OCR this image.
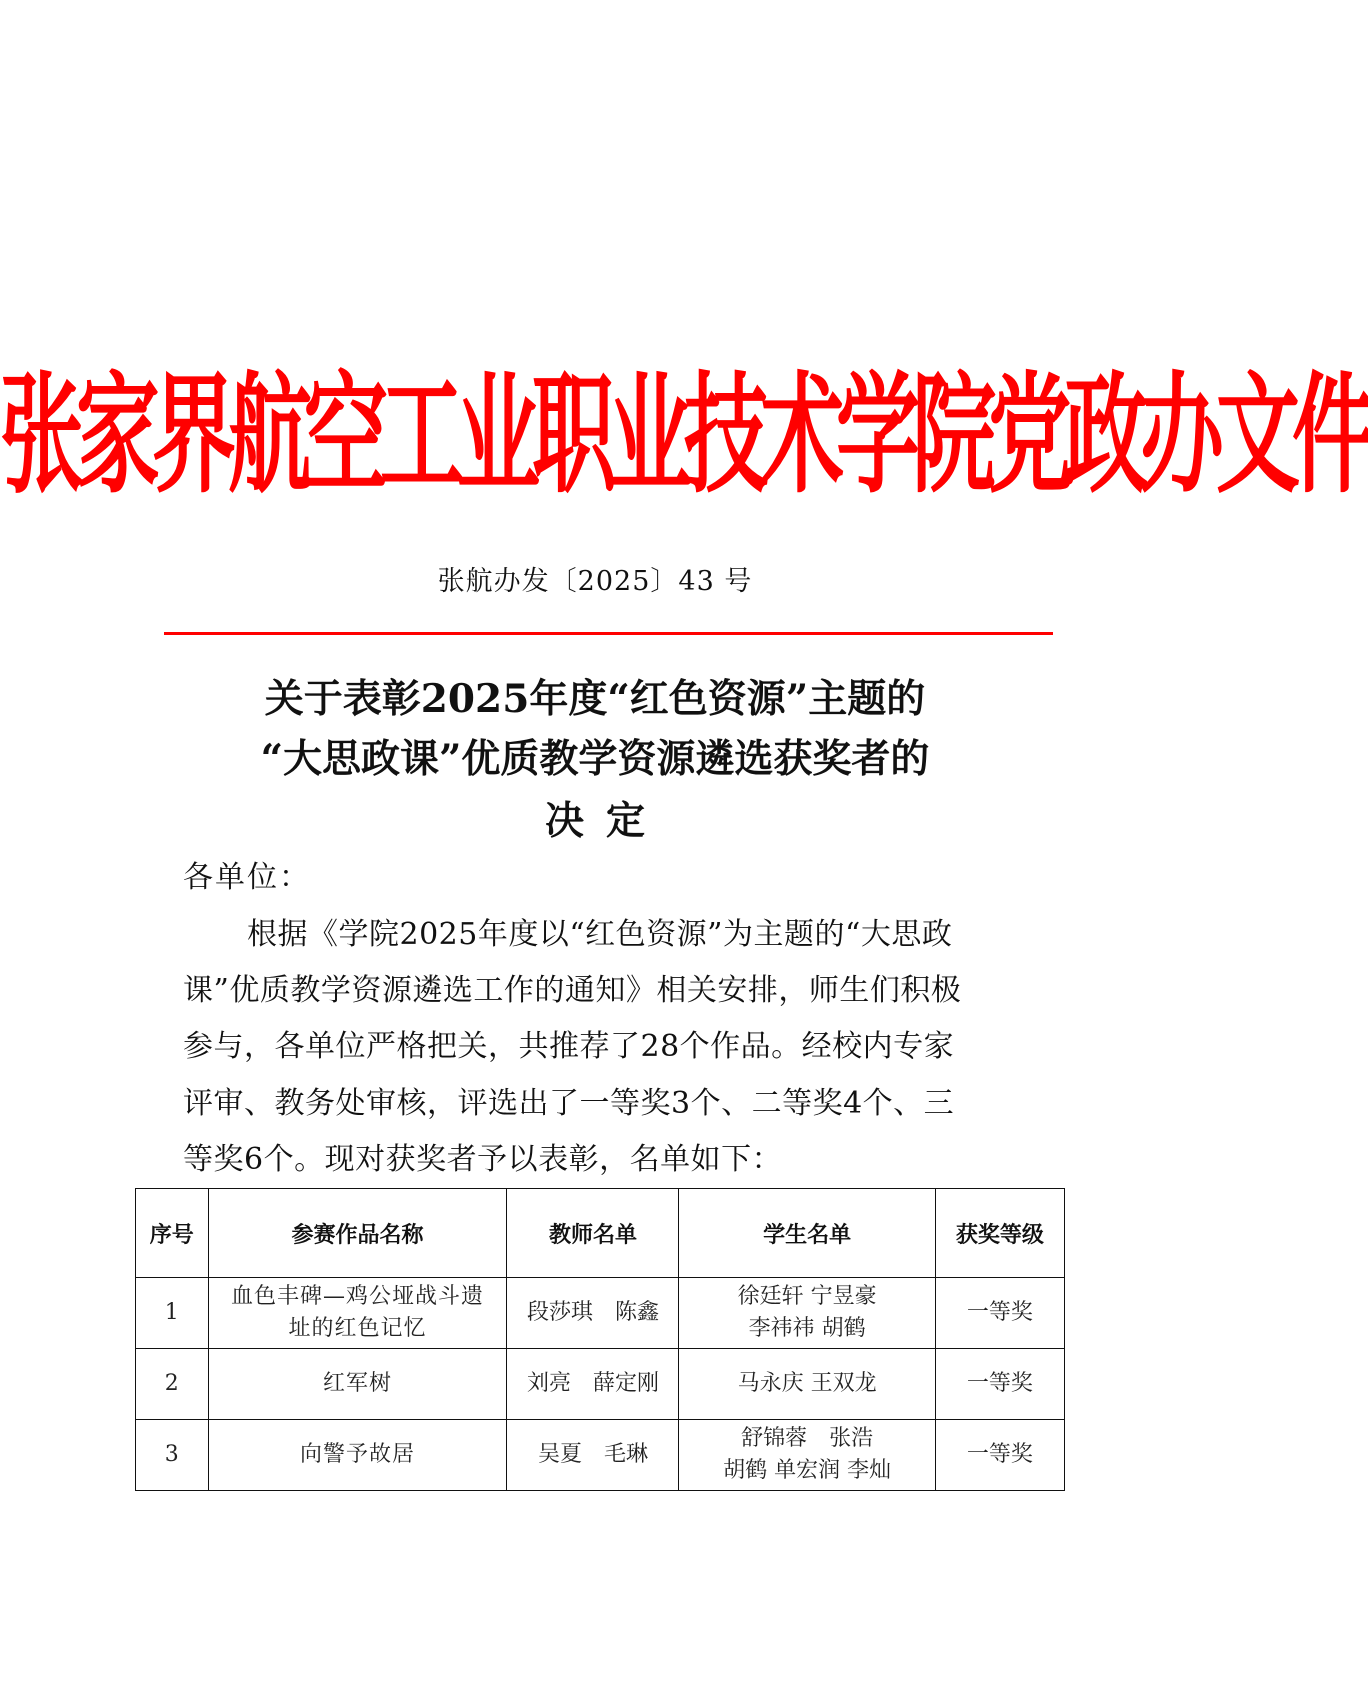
张家界航空工业职业技术学院党政办文件
张航办发〔2025〕43 号
关于表彰2025年度“红色资源”主题的
“大思政课”优质教学资源遴选获奖者的
决定
各单位：
根据《学院2025年度以“红色资源”为主题的“大思政
课”优质教学资源遴选工作的通知》相关安排，师生们积极
参与，各单位严格把关，共推荐了28个作品。经校内专家
评审、教务处审核，评选出了一等奖3个、二等奖4个、三
等奖6个。现对获奖者予以表彰，名单如下：
序号	参赛作品名称	教师名单	学生名单	获奖等级
1	血色丰碑—鸡公垭战斗遗
址的红色记忆	段莎琪　陈鑫	徐廷轩 宁昱豪
李祎祎 胡鹤	一等奖
2	红军树	刘亮　薛定刚	马永庆 王双龙	一等奖
3	向警予故居	吴夏　毛琳	舒锦蓉　张浩
胡鹤 单宏润 李灿	一等奖
